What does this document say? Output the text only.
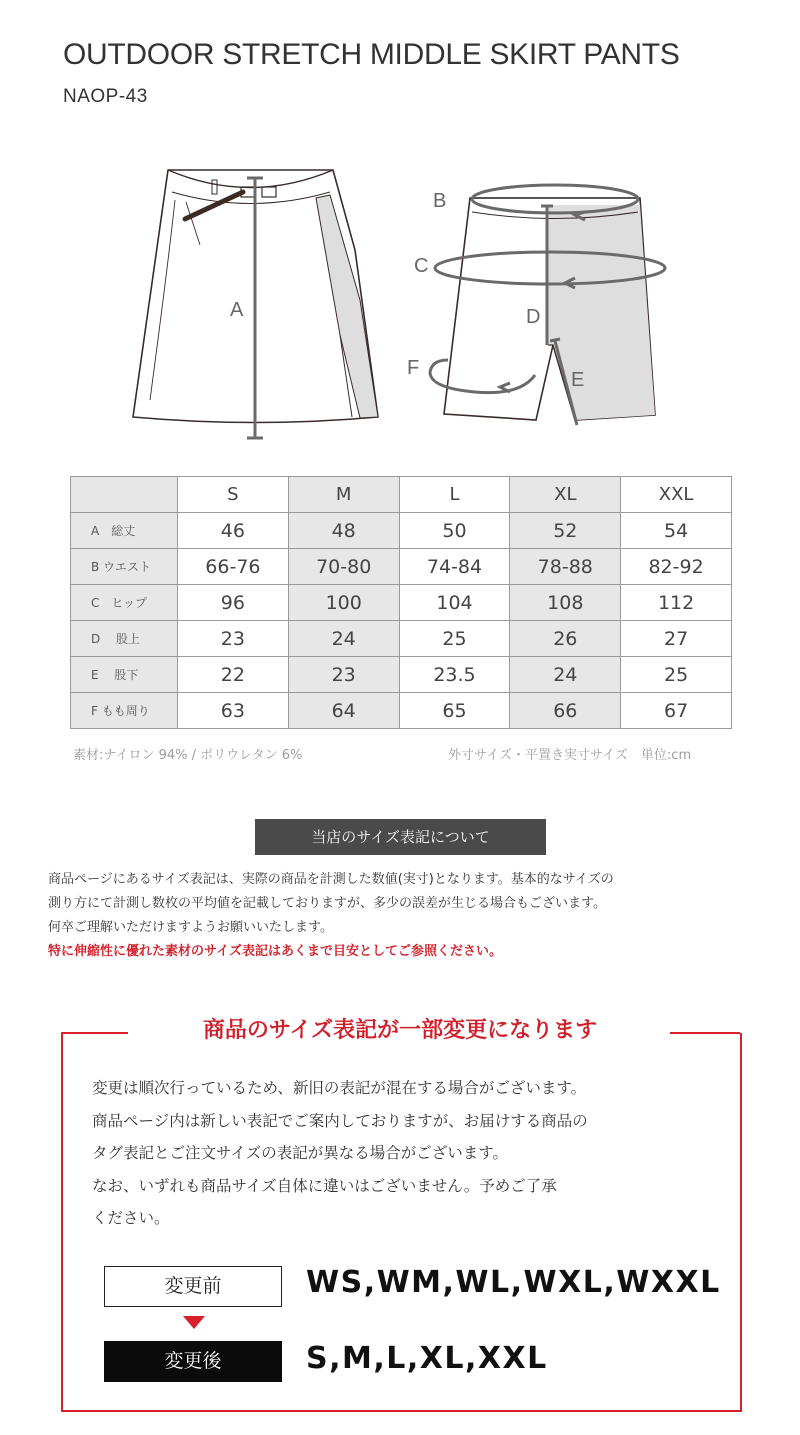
OUTDOOR STRETCH MIDDLE SKIRT PANTS
NAOP-43
A
B
C
D
E
F
	S	M	L	XL	XXL
A　総丈	46	48	50	52	54
B ウエスト	66-76	70-80	74-84	78-88	82-92
C　ヒップ	96	100	104	108	112
D　 股上	23	24	25	26	27
E　 股下	22	23	23.5	24	25
F もも周り	63	64	65	66	67
素材:ナイロン 94% / ポリウレタン 6%	外寸サイズ・平置き実寸サイズ　単位:cm
当店のサイズ表記について
商品ページにあるサイズ表記は、実際の商品を計測した数値(実寸)となります。基本的なサイズの
測り方にて計測し数枚の平均値を記載しておりますが、多少の誤差が生じる場合もございます。
何卒ご理解いただけますようお願いいたします。
特に伸縮性に優れた素材のサイズ表記はあくまで目安としてご参照ください。
商品のサイズ表記が一部変更になります
変更は順次行っているため、新旧の表記が混在する場合がございます。
商品ページ内は新しい表記でご案内しておりますが、お届けする商品の
タグ表記とご注文サイズの表記が異なる場合がございます。
なお、いずれも商品サイズ自体に違いはございません。予めご了承
ください。
変更前	WS,WM,WL,WXL,WXXL
変更後	S,M,L,XL,XXL
